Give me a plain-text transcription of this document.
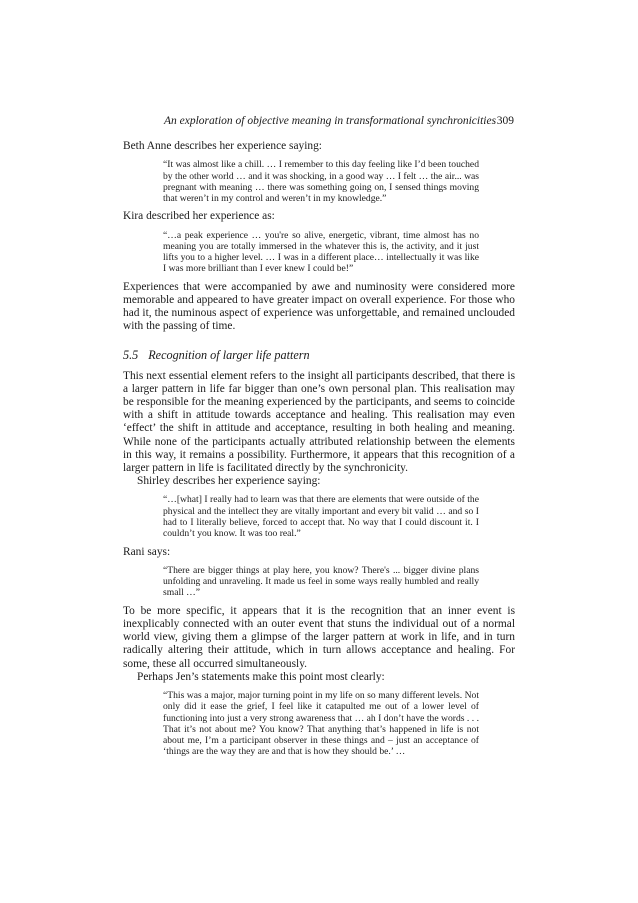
An exploration of objective meaning in transformational synchronicities 309

Beth Anne describes her experience saying:

“It was almost like a chill. … I remember to this day feeling like I’d been touched by the other world … and it was shocking, in a good way … I felt … the air... was pregnant with meaning … there was something going on, I sensed things moving that weren’t in my control and weren’t in my knowledge.”

Kira described her experience as:

“…a peak experience … you're so alive, energetic, vibrant, time almost has no meaning you are totally immersed in the whatever this is, the activity, and it just lifts you to a higher level. … I was in a different place… intellectually it was like I was more brilliant than I ever knew I could be!”

Experiences that were accompanied by awe and numinosity were considered more memorable and appeared to have greater impact on overall experience. For those who had it, the numinous aspect of experience was unforgettable, and remained unclouded with the passing of time.

5.5 Recognition of larger life pattern

This next essential element refers to the insight all participants described, that there is a larger pattern in life far bigger than one’s own personal plan. This realisation may be responsible for the meaning experienced by the participants, and seems to coincide with a shift in attitude towards acceptance and healing. This realisation may even ‘effect’ the shift in attitude and acceptance, resulting in both healing and meaning. While none of the participants actually attributed relationship between the elements in this way, it remains a possibility. Furthermore, it appears that this recognition of a larger pattern in life is facilitated directly by the synchronicity.

Shirley describes her experience saying:

“…[what] I really had to learn was that there are elements that were outside of the physical and the intellect they are vitally important and every bit valid … and so I had to I literally believe, forced to accept that. No way that I could discount it. I couldn’t you know. It was too real.”

Rani says:

“There are bigger things at play here, you know? There's ... bigger divine plans unfolding and unraveling. It made us feel in some ways really humbled and really small …”

To be more specific, it appears that it is the recognition that an inner event is inexplicably connected with an outer event that stuns the individual out of a normal world view, giving them a glimpse of the larger pattern at work in life, and in turn radically altering their attitude, which in turn allows acceptance and healing. For some, these all occurred simultaneously.

Perhaps Jen’s statements make this point most clearly:

“This was a major, major turning point in my life on so many different levels. Not only did it ease the grief, I feel like it catapulted me out of a lower level of functioning into just a very strong awareness that … ah I don’t have the words . . . That it’s not about me? You know? That anything that’s happened in life is not about me, I’m a participant observer in these things and – just an acceptance of ‘things are the way they are and that is how they should be.’ …
